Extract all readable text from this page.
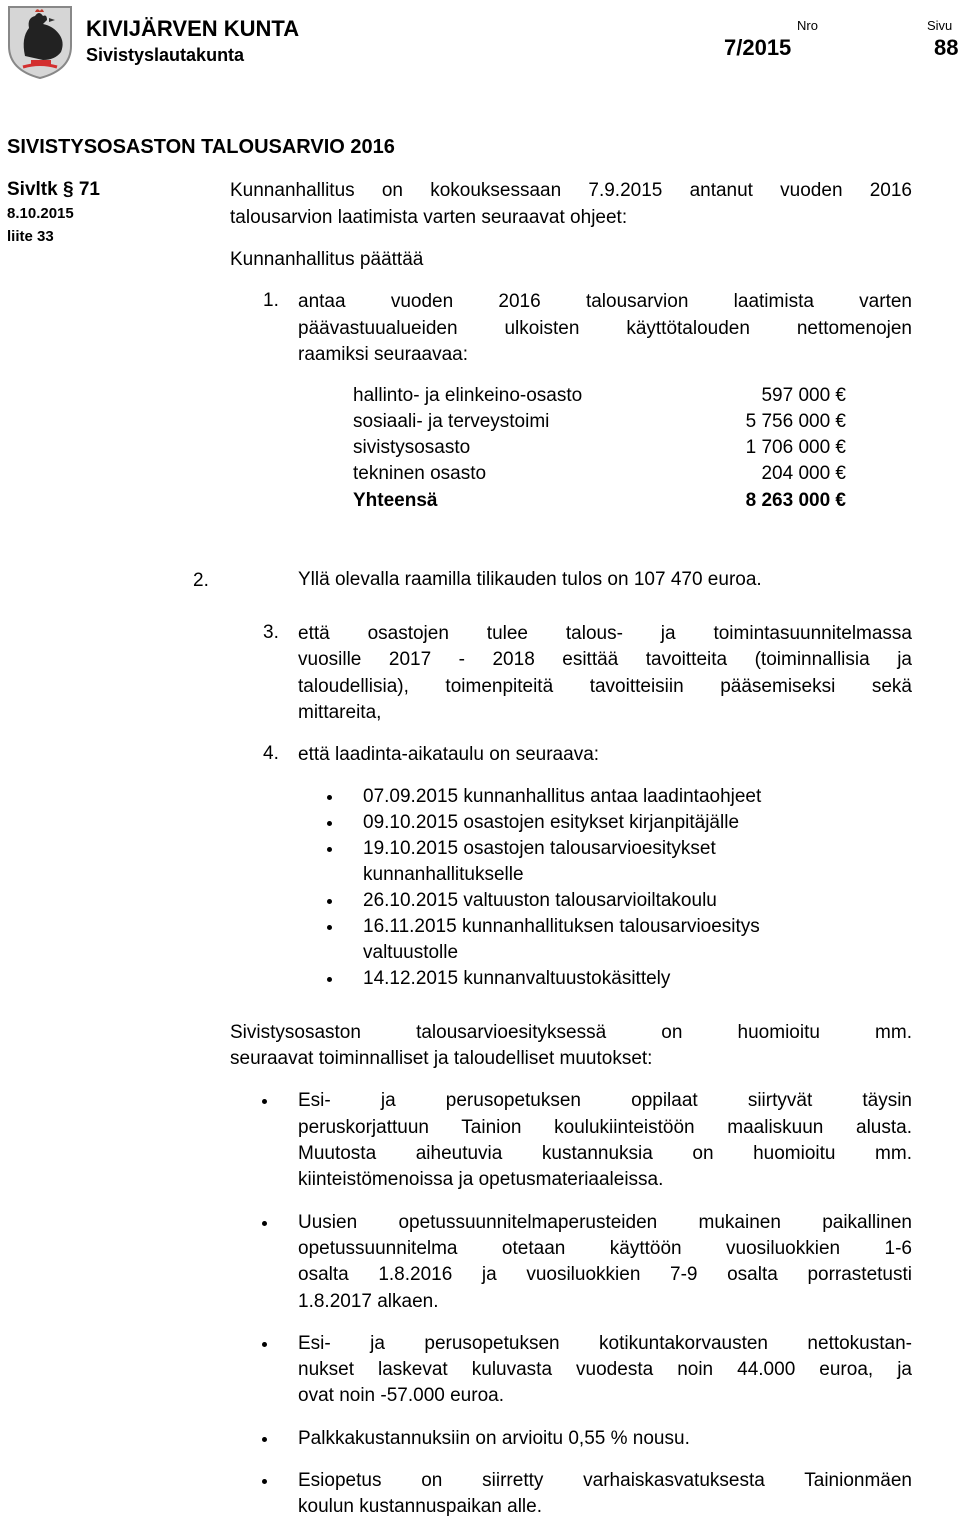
KIVIJÄRVEN KUNTA
Sivistyslautakunta
Nro
7/2015
Sivu
88
SIVISTYSOSASTON TALOUSARVIO 2016
Sivltk § 71
8.10.2015
liite 33
Kunnanhallitus on kokouksessaan 7.9.2015 antanut vuoden 2016
talousarvion laatimista varten seuraavat ohjeet:
Kunnanhallitus päättää
1. antaa vuoden 2016 talousarvion laatimista varten
päävastuualueiden ulkoisten käyttötalouden nettomenojen
raamiksi seuraavaa:
hallinto- ja elinkeino-osasto	597 000 €
sosiaali- ja terveystoimi	5 756 000 €
sivistysosasto	1 706 000 €
tekninen osasto	204 000 €
Yhteensä	8 263 000 €
2.	Yllä olevalla raamilla tilikauden tulos on 107 470 euroa.
3. että osastojen tulee talous- ja toimintasuunnitelmassa
vuosille 2017 - 2018 esittää tavoitteita (toiminnallisia ja
taloudellisia), toimenpiteitä tavoitteisiin pääsemiseksi sekä
mittareita,
4. että laadinta-aikataulu on seuraava:
07.09.2015 kunnanhallitus antaa laadintaohjeet
09.10.2015 osastojen esitykset kirjanpitäjälle
19.10.2015 osastojen talousarvioesitykset
kunnanhallitukselle
26.10.2015 valtuuston talousarvioiltakoulu
16.11.2015 kunnanhallituksen talousarvioesitys
valtuustolle
14.12.2015 kunnanvaltuustokäsittely
Sivistysosaston talousarvioesityksessä on huomioitu mm.
seuraavat toiminnalliset ja taloudelliset muutokset:
Esi- ja perusopetuksen oppilaat siirtyvät täysin
peruskorjattuun Tainion koulukiinteistöön maaliskuun alusta.
Muutosta aiheutuvia kustannuksia on huomioitu mm.
kiinteistömenoissa ja opetusmateriaaleissa.
Uusien opetussuunnitelmaperusteiden mukainen paikallinen
opetussuunnitelma otetaan käyttöön vuosiluokkien 1-6
osalta 1.8.2016 ja vuosiluokkien 7-9 osalta porrastetusti
1.8.2017 alkaen.
Esi- ja perusopetuksen kotikuntakorvausten nettokustan-
nukset laskevat kuluvasta vuodesta noin 44.000 euroa, ja
ovat noin -57.000 euroa.
Palkkakustannuksiin on arvioitu 0,55 % nousu.
Esiopetus on siirretty varhaiskasvatuksesta Tainionmäen
koulun kustannuspaikan alle.
